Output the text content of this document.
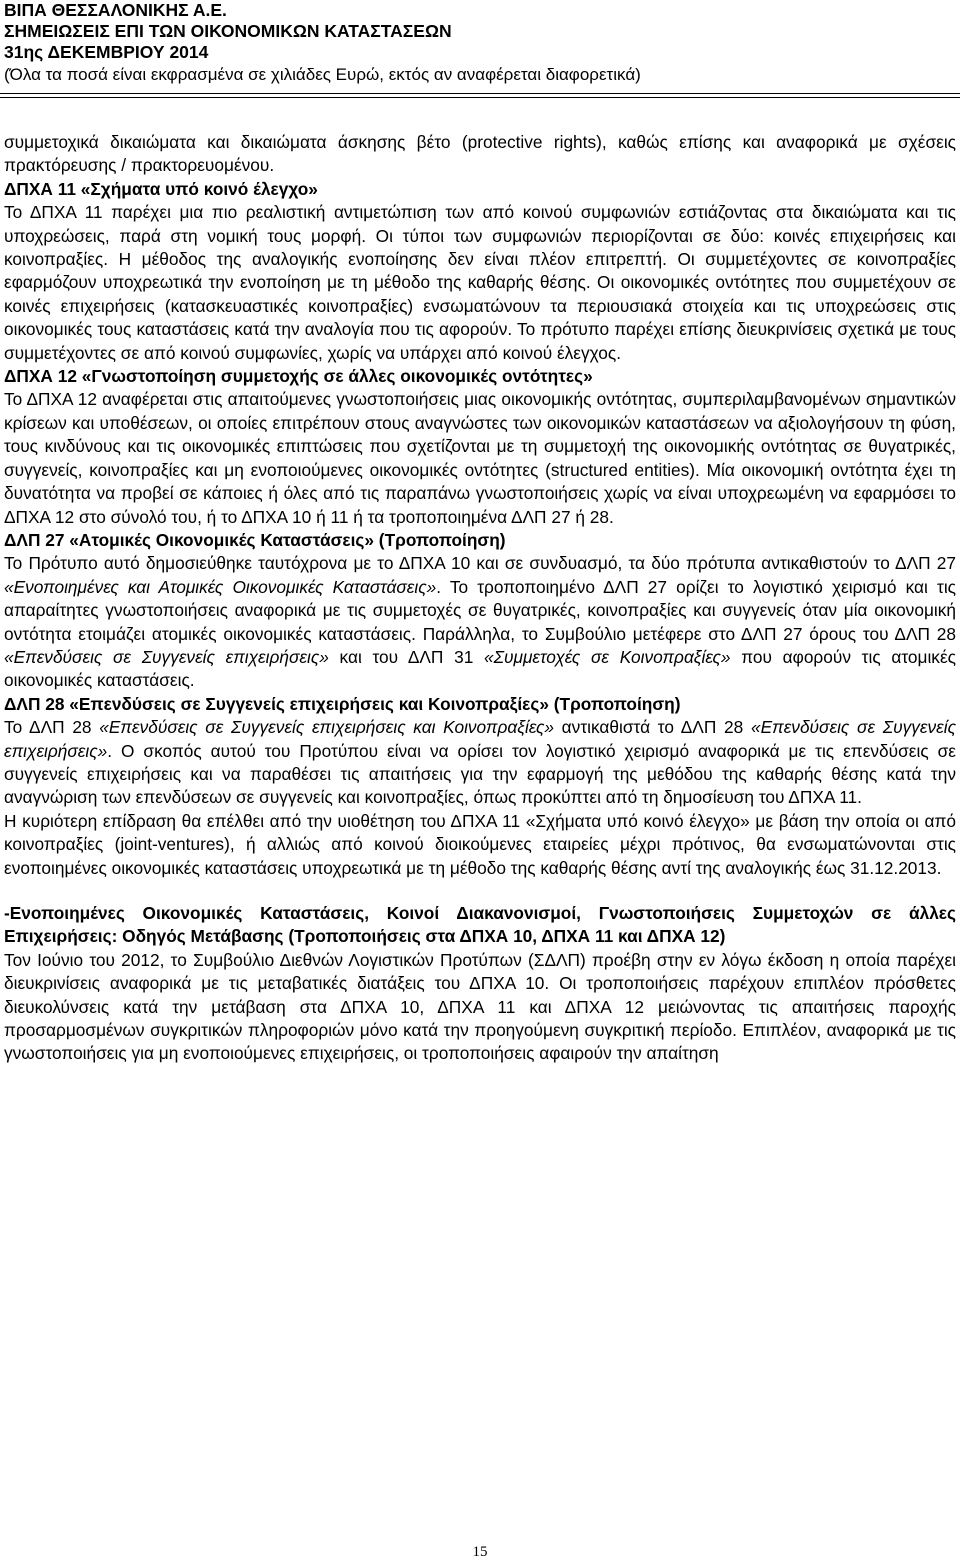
ΒΙΠΑ ΘΕΣΣΑΛΟΝΙΚΗΣ Α.Ε.

ΣΗΜΕΙΩΣΕΙΣ ΕΠΙ ΤΩΝ ΟΙΚΟΝΟΜΙΚΩΝ ΚΑΤΑΣΤΑΣΕΩΝ

31ης ΔΕΚΕΜΒΡΙΟΥ 2014

(Όλα τα ποσά είναι εκφρασμένα σε χιλιάδες Ευρώ, εκτός αν αναφέρεται διαφορετικά)

συμμετοχικά δικαιώματα και δικαιώματα άσκησης βέτο (protective rights), καθώς επίσης και αναφορικά με σχέσεις πρακτόρευσης / πρακτορευομένου.

ΔΠΧΑ 11 «Σχήματα υπό κοινό έλεγχο»

Το ΔΠΧΑ 11 παρέχει μια πιο ρεαλιστική αντιμετώπιση των από κοινού συμφωνιών εστιάζοντας στα δικαιώματα και τις υποχρεώσεις, παρά στη νομική τους μορφή. Οι τύποι των συμφωνιών περιορίζονται σε δύο: κοινές επιχειρήσεις και κοινοπραξίες. Η μέθοδος της αναλογικής ενοποίησης δεν είναι πλέον επιτρεπτή. Οι συμμετέχοντες σε κοινοπραξίες εφαρμόζουν υποχρεωτικά την ενοποίηση με τη μέθοδο της καθαρής θέσης. Οι οικονομικές οντότητες που συμμετέχουν σε κοινές επιχειρήσεις (κατασκευαστικές κοινοπραξίες) ενσωματώνουν τα περιουσιακά στοιχεία και τις υποχρεώσεις στις οικονομικές τους καταστάσεις κατά την αναλογία που τις αφορούν. Το πρότυπο παρέχει επίσης διευκρινίσεις σχετικά με τους συμμετέχοντες σε από κοινού συμφωνίες, χωρίς να υπάρχει από κοινού έλεγχος.

ΔΠΧΑ 12 «Γνωστοποίηση συμμετοχής σε άλλες οικονομικές οντότητες»

Το ΔΠΧΑ 12 αναφέρεται στις απαιτούμενες γνωστοποιήσεις μιας οικονομικής οντότητας, συμπεριλαμβανομένων σημαντικών κρίσεων και υποθέσεων, οι οποίες επιτρέπουν στους αναγνώστες των οικονομικών καταστάσεων να αξιολογήσουν τη φύση, τους κινδύνους και τις οικονομικές επιπτώσεις που σχετίζονται με τη συμμετοχή της οικονομικής οντότητας σε θυγατρικές, συγγενείς, κοινοπραξίες και μη ενοποιούμενες οικονομικές οντότητες (structured entities). Μία οικονομική οντότητα έχει τη δυνατότητα να προβεί σε κάποιες ή όλες από τις παραπάνω γνωστοποιήσεις χωρίς να είναι υποχρεωμένη να εφαρμόσει το ΔΠΧΑ 12 στο σύνολό του, ή το ΔΠΧΑ 10 ή 11 ή τα τροποποιημένα ΔΛΠ 27 ή 28.

ΔΛΠ 27 «Ατομικές Οικονομικές Καταστάσεις» (Τροποποίηση)

Το Πρότυπο αυτό δημοσιεύθηκε ταυτόχρονα με το ΔΠΧΑ 10 και σε συνδυασμό, τα δύο πρότυπα αντικαθιστούν το ΔΛΠ 27 «Ενοποιημένες και Ατομικές Οικονομικές Καταστάσεις». Το τροποποιημένο ΔΛΠ 27 ορίζει το λογιστικό χειρισμό και τις απαραίτητες γνωστοποιήσεις αναφορικά με τις συμμετοχές σε θυγατρικές, κοινοπραξίες και συγγενείς όταν μία οικονομική οντότητα ετοιμάζει ατομικές οικονομικές καταστάσεις. Παράλληλα, το Συμβούλιο μετέφερε στο ΔΛΠ 27 όρους του ΔΛΠ 28 «Επενδύσεις σε Συγγενείς επιχειρήσεις» και του ΔΛΠ 31 «Συμμετοχές σε Κοινοπραξίες» που αφορούν τις ατομικές οικονομικές καταστάσεις.

ΔΛΠ 28 «Επενδύσεις σε Συγγενείς επιχειρήσεις και Κοινοπραξίες» (Τροποποίηση)

Το ΔΛΠ 28 «Επενδύσεις σε Συγγενείς επιχειρήσεις και Κοινοπραξίες» αντικαθιστά το ΔΛΠ 28 «Επενδύσεις σε Συγγενείς επιχειρήσεις». Ο σκοπός αυτού του Προτύπου είναι να ορίσει τον λογιστικό χειρισμό αναφορικά με τις επενδύσεις σε συγγενείς επιχειρήσεις και να παραθέσει τις απαιτήσεις για την εφαρμογή της μεθόδου της καθαρής θέσης κατά την αναγνώριση των επενδύσεων σε συγγενείς και κοινοπραξίες, όπως προκύπτει από τη δημοσίευση του ΔΠΧΑ 11.

Η κυριότερη επίδραση θα επέλθει από την υιοθέτηση του ΔΠΧΑ 11 «Σχήματα υπό κοινό έλεγχο» με βάση την οποία οι από κοινοπραξίες (joint-ventures), ή αλλιώς από κοινού διοικούμενες εταιρείες μέχρι πρότινος, θα ενσωματώνονται στις ενοποιημένες οικονομικές καταστάσεις υποχρεωτικά με τη μέθοδο της καθαρής θέσης αντί της αναλογικής έως 31.12.2013.

-Ενοποιημένες Οικονομικές Καταστάσεις, Κοινοί Διακανονισμοί, Γνωστοποιήσεις Συμμετοχών σε άλλες Επιχειρήσεις: Οδηγός Μετάβασης (Τροποποιήσεις στα ΔΠΧΑ 10, ΔΠΧΑ 11 και ΔΠΧΑ 12)

Τον Ιούνιο του 2012, το Συμβούλιο Διεθνών Λογιστικών Προτύπων (ΣΔΛΠ) προέβη στην εν λόγω έκδοση η οποία παρέχει διευκρινίσεις αναφορικά με τις μεταβατικές διατάξεις του ΔΠΧΑ 10. Οι τροποποιήσεις παρέχουν επιπλέον πρόσθετες διευκολύνσεις κατά την μετάβαση στα ΔΠΧΑ 10, ΔΠΧΑ 11 και ΔΠΧΑ 12 μειώνοντας τις απαιτήσεις παροχής προσαρμοσμένων συγκριτικών πληροφοριών μόνο κατά την προηγούμενη συγκριτική περίοδο. Επιπλέον, αναφορικά με τις γνωστοποιήσεις για μη ενοποιούμενες επιχειρήσεις, οι τροποποιήσεις αφαιρούν την απαίτηση

15
